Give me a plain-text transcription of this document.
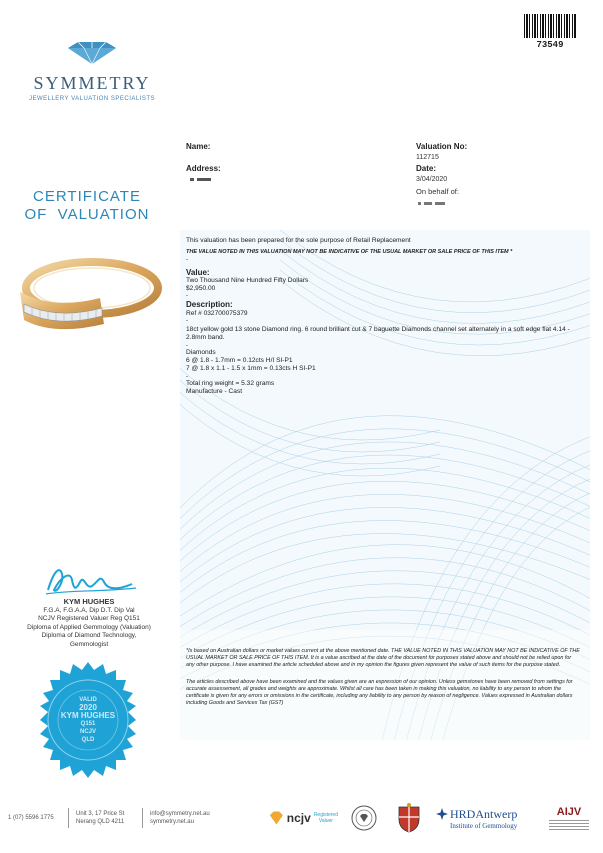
73549
SYMMETRY
JEWELLERY VALUATION SPECIALISTS
CERTIFICATE
OF  VALUATION
KYM HUGHES
F.G.A, F.G.A.A, Dip D.T. Dip Val
NCJV Registered Valuer Reg Q151
Diploma of Applied Gemmology (Valuation)
Diploma of Diamond Technology,
Gemmologist
VALID
2020
KYM HUGHES
Q151
NCJV
QLD
Name:
Address:
Valuation No:
112715
Date:
3/04/2020
On behalf of:
This valuation has been prepared for the sole purpose of Retail Replacement
THE VALUE NOTED IN THIS VALUATION MAY NOT BE INDICATIVE OF THE USUAL MARKET OR SALE PRICE OF THIS ITEM *
-
Value:
Two Thousand Nine Hundred Fifty Dollars
$2,950.00
-
Description:
Ref # 032700075379
-
18ct yellow gold 13 stone Diamond ring. 6 round brilliant cut & 7 baguette Diamonds channel set alternately in a soft edge flat 4.14 - 2.8mm band.
-
Diamonds
6 @ 1.8 - 1.7mm = 0.12cts H/I SI-P1
7 @ 1.8 x 1.1 - 1.5 x 1mm = 0.13cts H SI-P1
-
Total ring weight = 5.32 grams
Manufacture - Cast

*Is based on Australian dollars or market values current at the above mentioned date. THE VALUE NOTED IN THIS VALUATION MAY NOT BE INDICATIVE OF THE USUAL MARKET OR SALE PRICE OF THIS ITEM. It is a value ascribed at the date of the document for purposes stated above and should not be relied upon for any other purpose. I have examined the article scheduled above and in my opinion the figures given represent the value of such items for the purpose stated.

The articles described above have been examined and the values given are an expression of our opinion. Unless gemstones have been removed from settings for accurate assessement, all grades and weights are approximate. Whilst all care has been taken in making this valuation, no liability to any person to whom the certificate is given for any errors or omissions in the certificate, including any liability to any person by reason of negligence. Values expressed in Australian dollars including Goods and Services Tax (GST)

1 (07) 5596 1775
Unit 3, 17 Price St
Nerang QLD 4211
info@symmetry.net.au
symmetry.net.au	ncjv Registered
Valuer
HRDAntwerp
Institute of Gemmology
AIJV
